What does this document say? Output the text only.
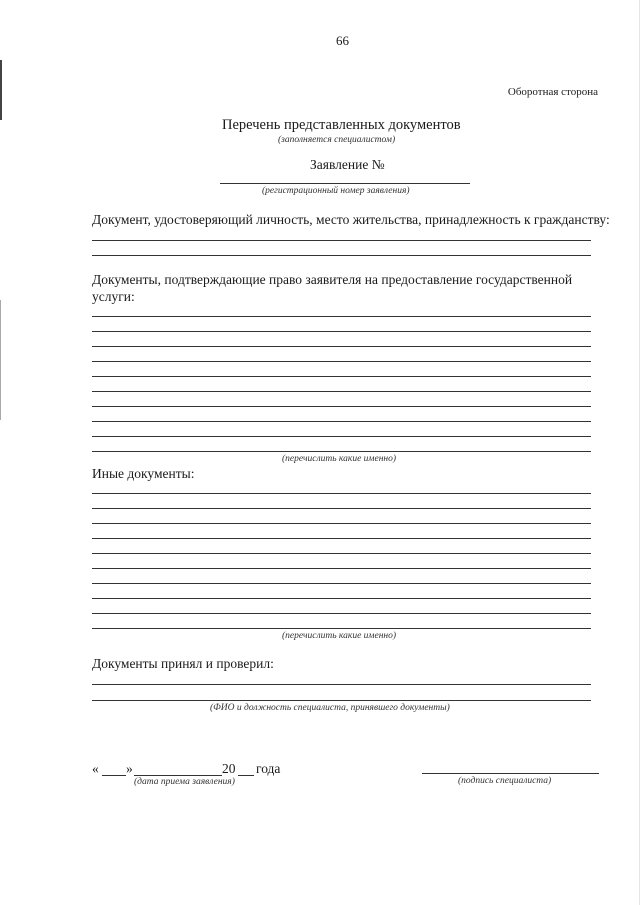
66
Оборотная сторона
Перечень представленных документов
(заполняется специалистом)
Заявление №
(регистрационный номер заявления)
Документ, удостоверяющий личность, место жительства, принадлежность к гражданству:
Документы, подтверждающие право заявителя на предоставление государственной
услуги:
(перечислить какие именно)
Иные документы:
(перечислить какие именно)
Документы принял и проверил:
(ФИО и должность специалиста, принявшего документы)
« »	20 года
(дата приема заявления)	(подпись специалиста)
